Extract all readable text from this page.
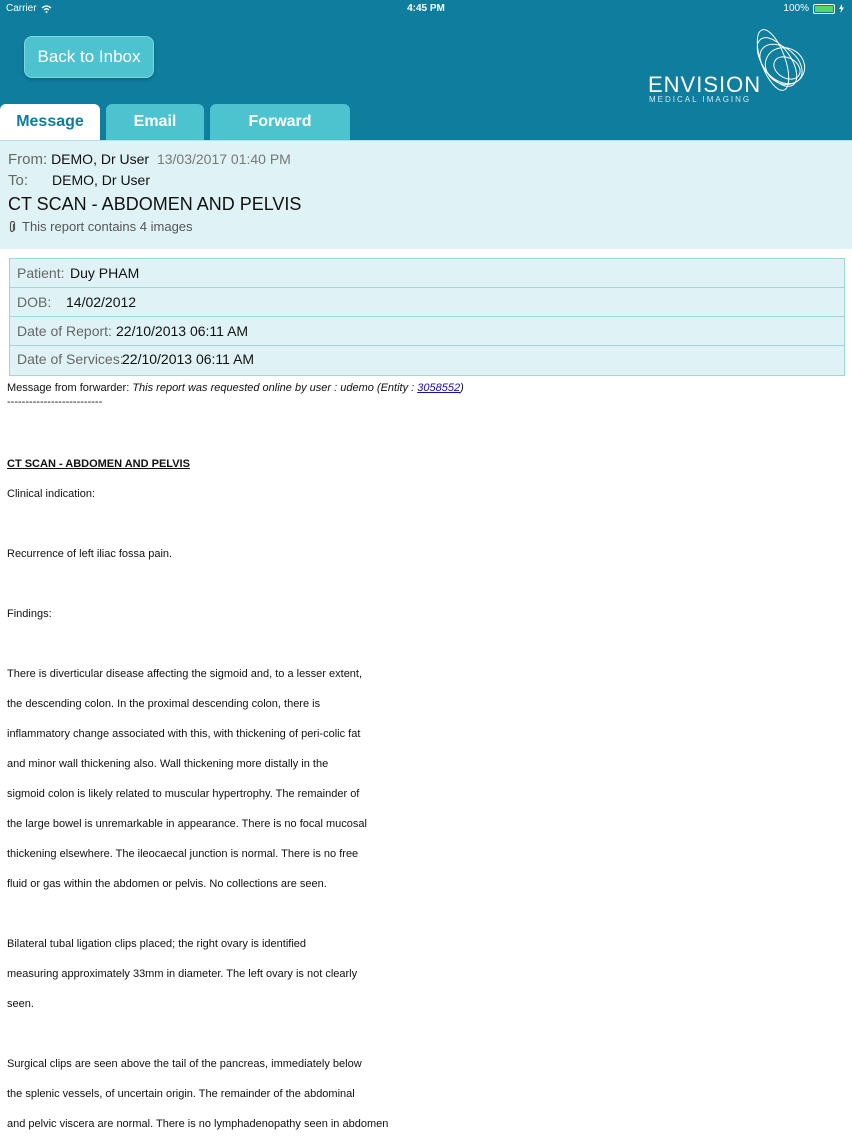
Carrier	4:45 PM	100%
Back to Inbox
ENVISION
MEDICAL IMAGING
Message	Email	Forward
From: DEMO, Dr User 13/03/2017 01:40 PM
To: DEMO, Dr User
CT SCAN - ABDOMEN AND PELVIS
This report contains 4 images
Patient: Duy PHAM
DOB: 14/02/2012
Date of Report: 22/10/2013 06:11 AM
Date of Services:
22/10/2013 06:11 AM
Message from forwarder: This report was requested online by user : udemo (Entity : 3058552)
--------------------------

CT SCAN - ABDOMEN AND PELVIS

Clinical indication:

Recurrence of left iliac fossa pain.

Findings:

There is diverticular disease affecting the sigmoid and, to a lesser extent,

the descending colon. In the proximal descending colon, there is

inflammatory change associated with this, with thickening of peri-colic fat

and minor wall thickening also. Wall thickening more distally in the

sigmoid colon is likely related to muscular hypertrophy. The remainder of

the large bowel is unremarkable in appearance. There is no focal mucosal

thickening elsewhere. The ileocaecal junction is normal. There is no free

fluid or gas within the abdomen or pelvis. No collections are seen.

Bilateral tubal ligation clips placed; the right ovary is identified

measuring approximately 33mm in diameter. The left ovary is not clearly

seen.

Surgical clips are seen above the tail of the pancreas, immediately below

the splenic vessels, of uncertain origin. The remainder of the abdominal

and pelvic viscera are normal. There is no lymphadenopathy seen in abdomen
